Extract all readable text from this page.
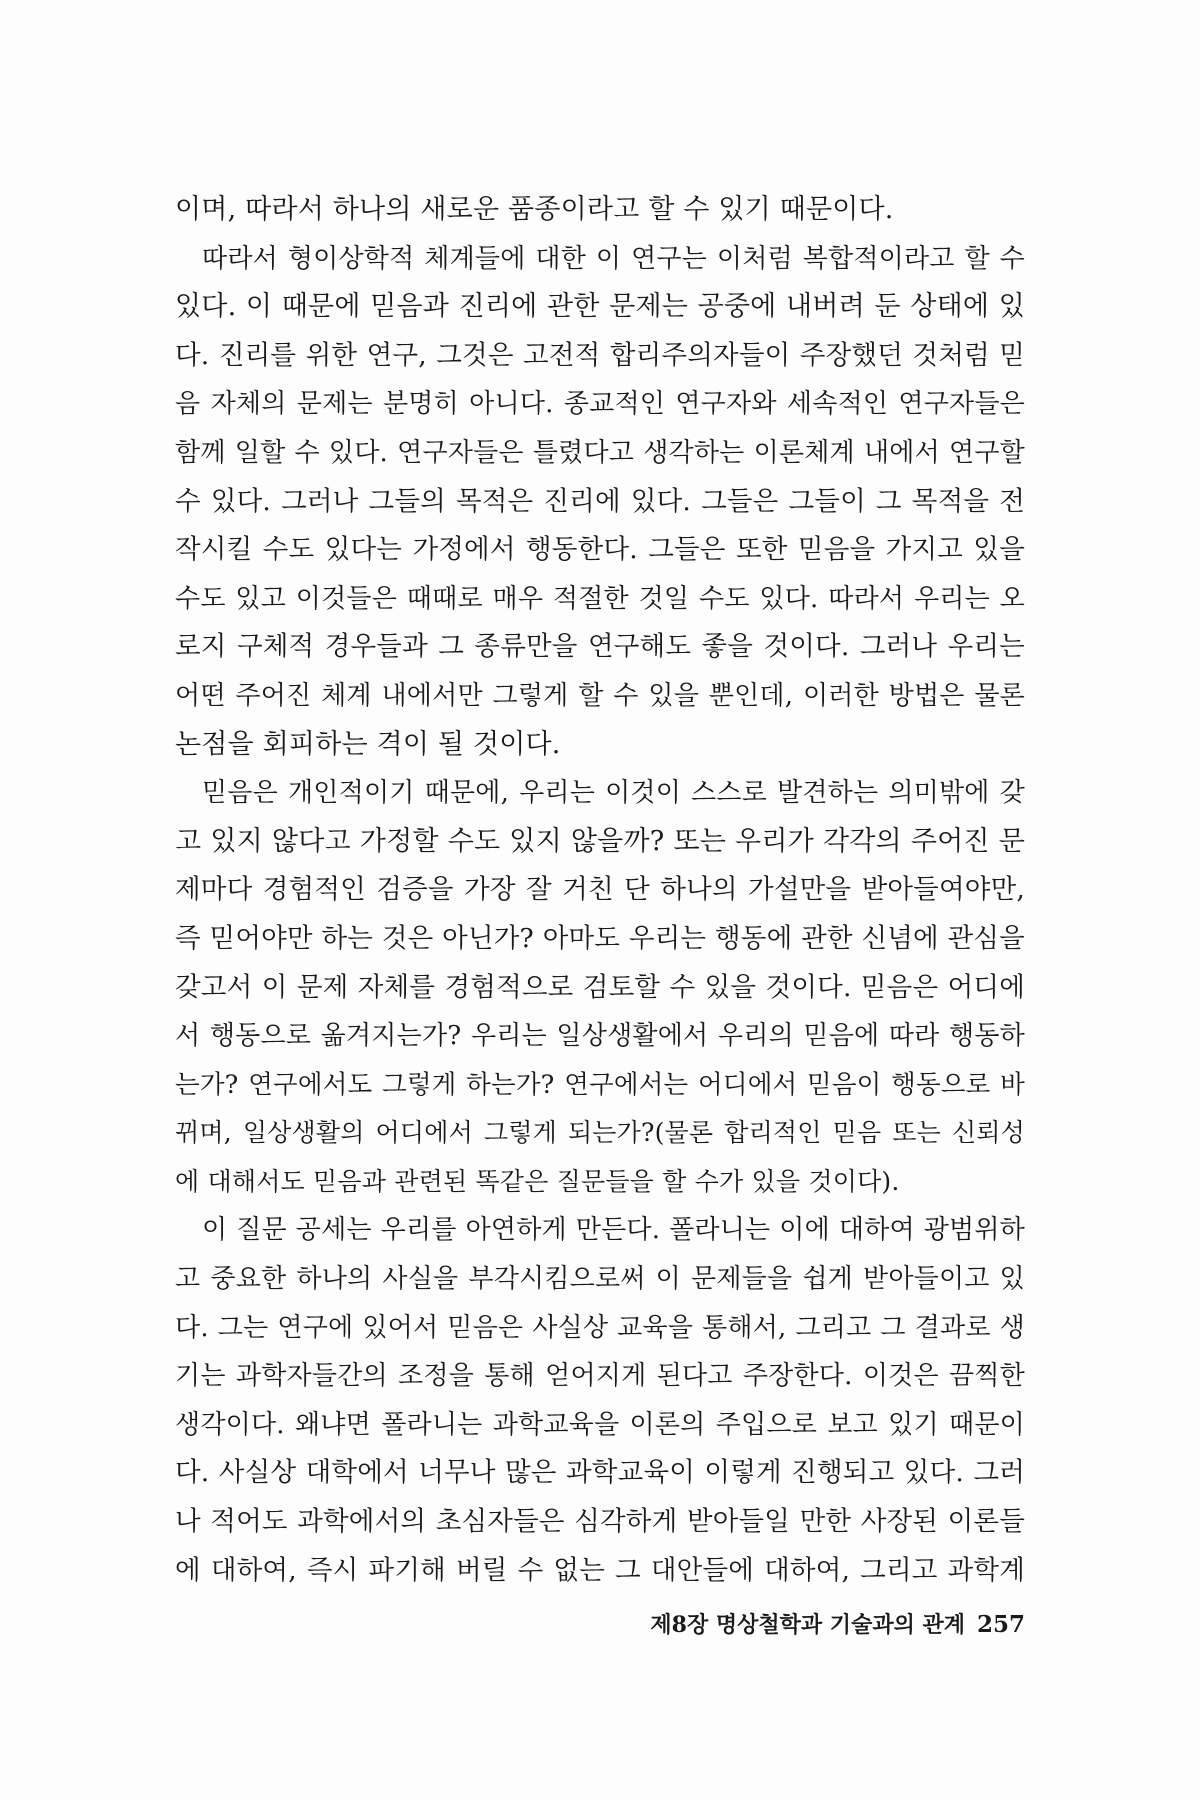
이며, 따라서 하나의 새로운 품종이라고 할 수 있기 때문이다.
따라서 형이상학적 체계들에 대한 이 연구는 이처럼 복합적이라고 할 수
있다. 이 때문에 믿음과 진리에 관한 문제는 공중에 내버려 둔 상태에 있
다. 진리를 위한 연구, 그것은 고전적 합리주의자들이 주장했던 것처럼 믿
음 자체의 문제는 분명히 아니다. 종교적인 연구자와 세속적인 연구자들은
함께 일할 수 있다. 연구자들은 틀렸다고 생각하는 이론체계 내에서 연구할
수 있다. 그러나 그들의 목적은 진리에 있다. 그들은 그들이 그 목적을 전
작시킬 수도 있다는 가정에서 행동한다. 그들은 또한 믿음을 가지고 있을
수도 있고 이것들은 때때로 매우 적절한 것일 수도 있다. 따라서 우리는 오
로지 구체적 경우들과 그 종류만을 연구해도 좋을 것이다. 그러나 우리는
어떤 주어진 체계 내에서만 그렇게 할 수 있을 뿐인데, 이러한 방법은 물론
논점을 회피하는 격이 될 것이다.
믿음은 개인적이기 때문에, 우리는 이것이 스스로 발견하는 의미밖에 갖
고 있지 않다고 가정할 수도 있지 않을까? 또는 우리가 각각의 주어진 문
제마다 경험적인 검증을 가장 잘 거친 단 하나의 가설만을 받아들여야만,
즉 믿어야만 하는 것은 아닌가? 아마도 우리는 행동에 관한 신념에 관심을
갖고서 이 문제 자체를 경험적으로 검토할 수 있을 것이다. 믿음은 어디에
서 행동으로 옮겨지는가? 우리는 일상생활에서 우리의 믿음에 따라 행동하
는가? 연구에서도 그렇게 하는가? 연구에서는 어디에서 믿음이 행동으로 바
뀌며, 일상생활의 어디에서 그렇게 되는가?(물론 합리적인 믿음 또는 신뢰성
에 대해서도 믿음과 관련된 똑같은 질문들을 할 수가 있을 것이다).
이 질문 공세는 우리를 아연하게 만든다. 폴라니는 이에 대하여 광범위하
고 중요한 하나의 사실을 부각시킴으로써 이 문제들을 쉽게 받아들이고 있
다. 그는 연구에 있어서 믿음은 사실상 교육을 통해서, 그리고 그 결과로 생
기는 과학자들간의 조정을 통해 얻어지게 된다고 주장한다. 이것은 끔찍한
생각이다. 왜냐면 폴라니는 과학교육을 이론의 주입으로 보고 있기 때문이
다. 사실상 대학에서 너무나 많은 과학교육이 이렇게 진행되고 있다. 그러
나 적어도 과학에서의 초심자들은 심각하게 받아들일 만한 사장된 이론들
에 대하여, 즉시 파기해 버릴 수 없는 그 대안들에 대하여, 그리고 과학계
제8장 명상철학과 기술과의 관계 257
